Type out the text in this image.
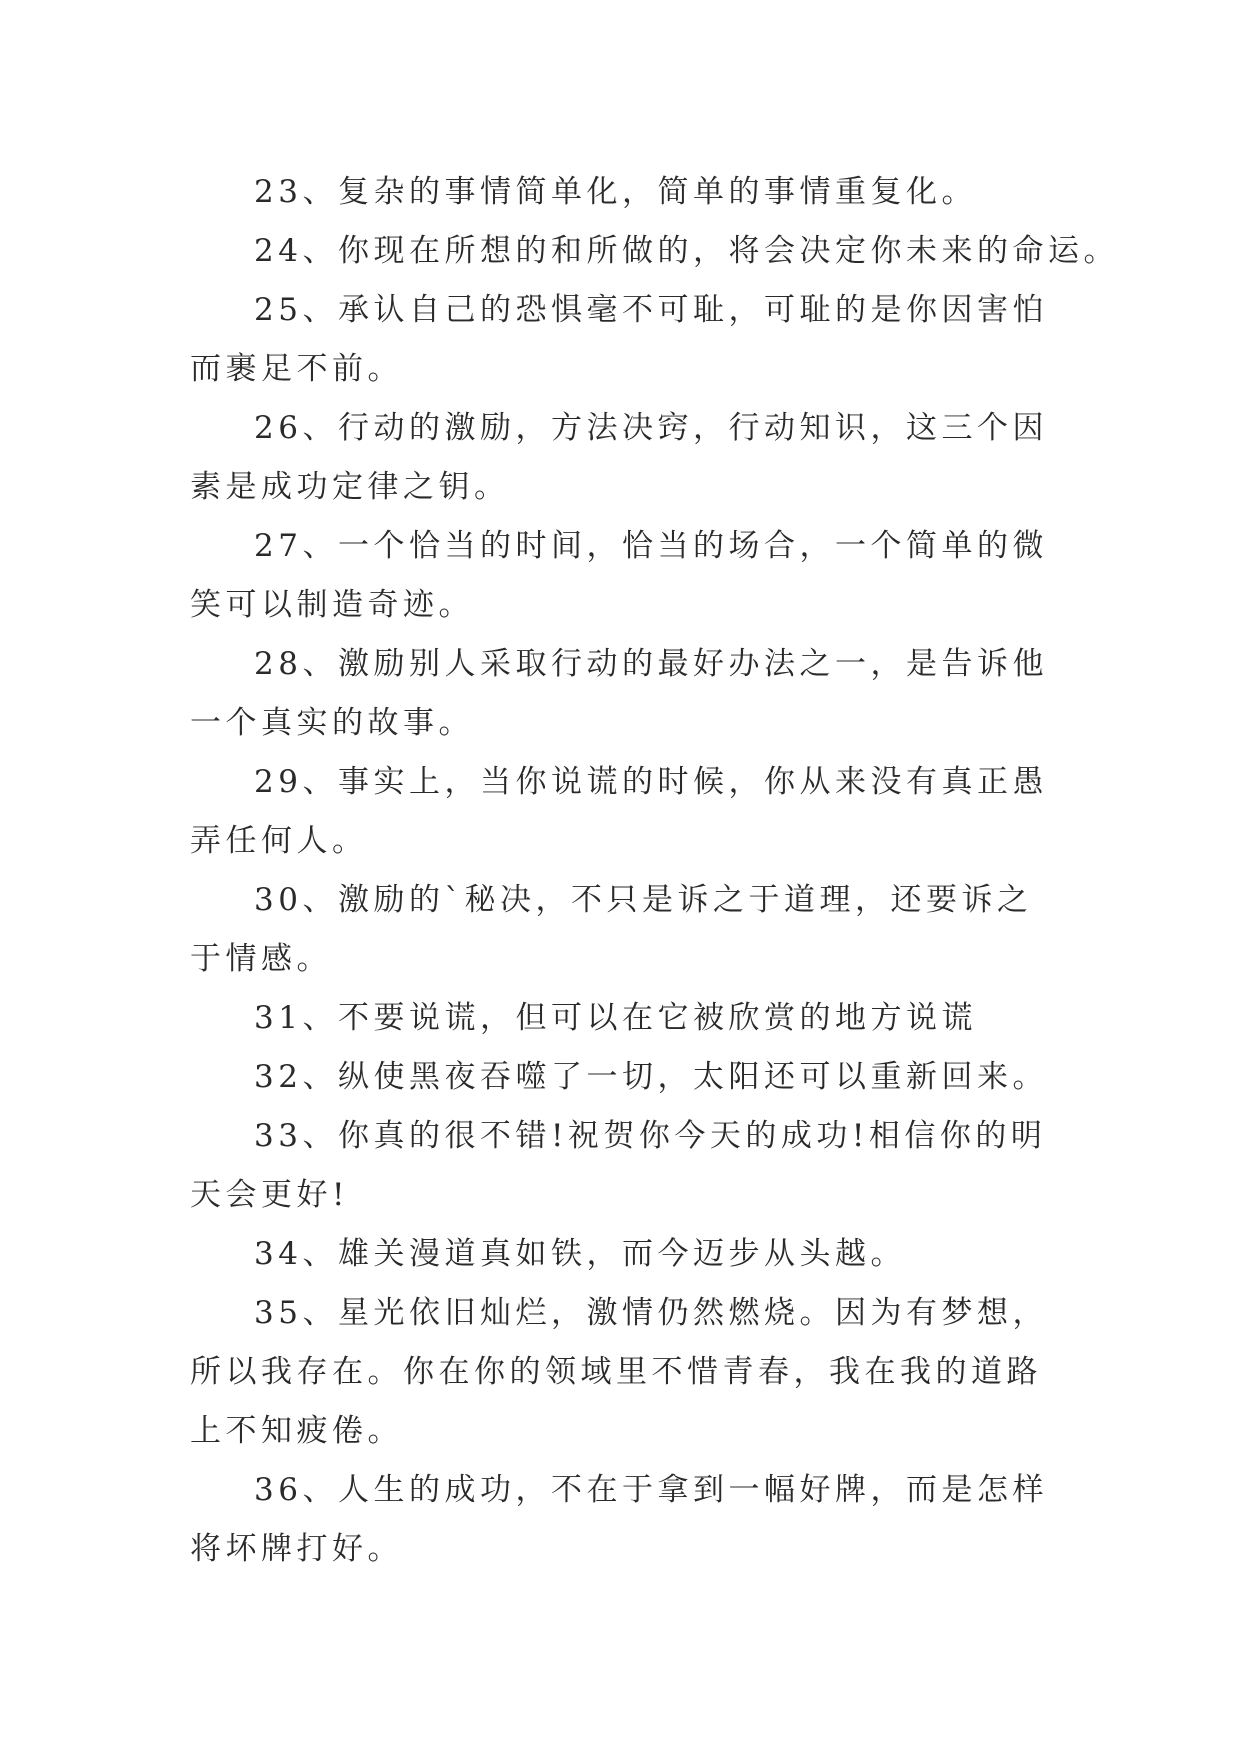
23、复杂的事情简单化，简单的事情重复化。

24、你现在所想的和所做的，将会决定你未来的命运。

25、承认自己的恐惧毫不可耻，可耻的是你因害怕而裹足不前。

26、行动的激励，方法决窍，行动知识，这三个因素是成功定律之钥。

27、一个恰当的时间，恰当的场合，一个简单的微笑可以制造奇迹。

28、激励别人采取行动的最好办法之一，是告诉他一个真实的故事。

29、事实上，当你说谎的时候，你从来没有真正愚弄任何人。

30、激励的`秘决，不只是诉之于道理，还要诉之于情感。

31、不要说谎，但可以在它被欣赏的地方说谎

32、纵使黑夜吞噬了一切，太阳还可以重新回来。

33、你真的很不错!祝贺你今天的成功!相信你的明天会更好!

34、雄关漫道真如铁，而今迈步从头越。

35、星光依旧灿烂，激情仍然燃烧。因为有梦想，所以我存在。你在你的领域里不惜青春，我在我的道路上不知疲倦。

36、人生的成功，不在于拿到一幅好牌，而是怎样将坏牌打好。
